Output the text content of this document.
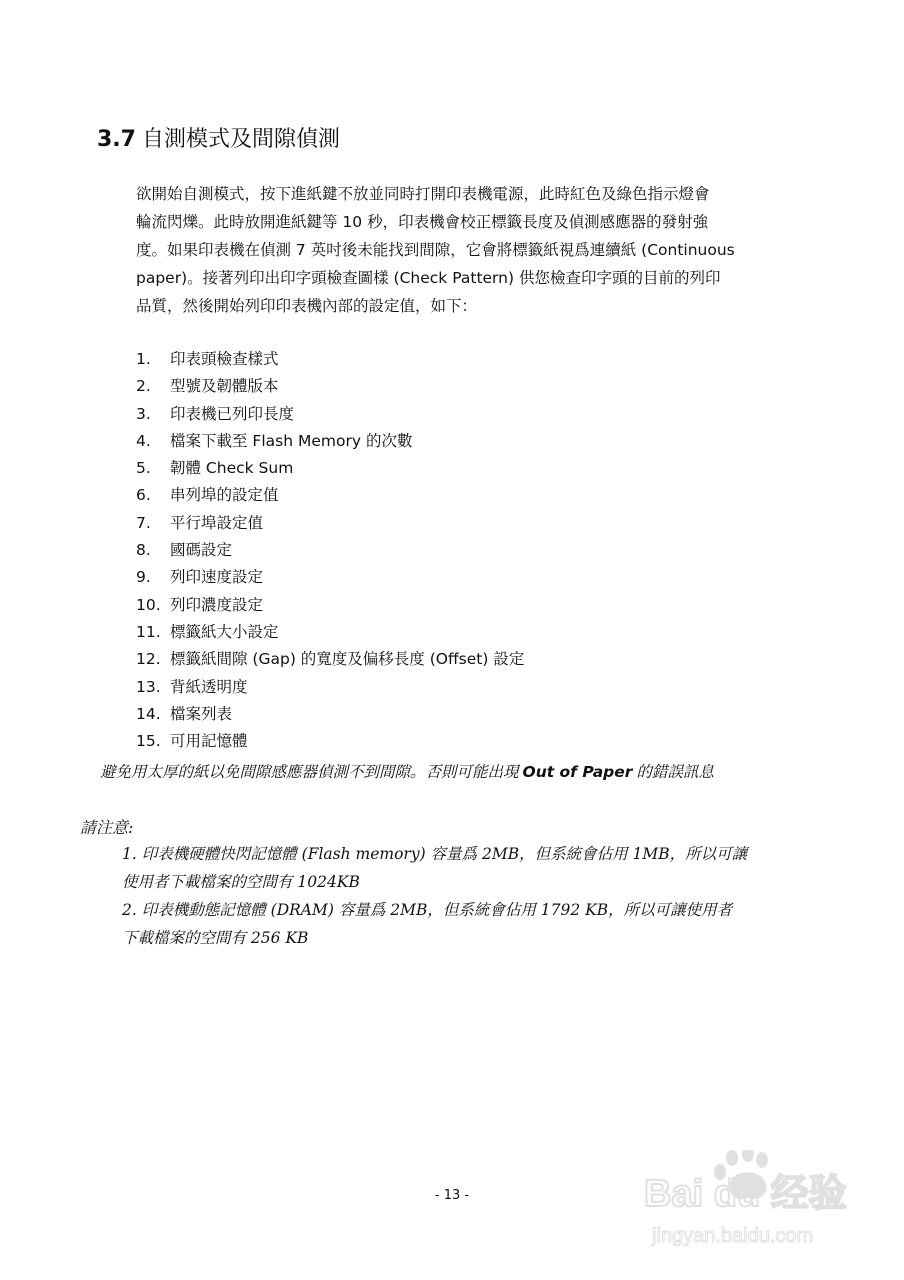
3.7 自測模式及間隙偵測
欲開始自測模式，按下進紙鍵不放並同時打開印表機電源，此時紅色及綠色指示燈會
輪流閃爍。此時放開進紙鍵等 10 秒，印表機會校正標籤長度及偵測感應器的發射強
度。如果印表機在偵測 7 英吋後未能找到間隙，它會將標籤紙視爲連續紙 (Continuous
paper)。接著列印出印字頭檢查圖樣 (Check Pattern) 供您檢查印字頭的目前的列印
品質，然後開始列印印表機內部的設定值，如下：
1. 印表頭檢查樣式
2. 型號及韌體版本
3. 印表機已列印長度
4. 檔案下載至 Flash Memory 的次數
5. 韌體 Check Sum
6. 串列埠的設定值
7. 平行埠設定值
8. 國碼設定
9. 列印速度設定
10. 列印濃度設定
11. 標籤紙大小設定
12. 標籤紙間隙 (Gap) 的寬度及偏移長度 (Offset) 設定
13. 背紙透明度
14. 檔案列表
15. 可用記憶體
避免用太厚的紙以免間隙感應器偵測不到間隙。否則可能出現 Out of Paper 的錯誤訊息
請注意:
1. 印表機硬體快閃記憶體 (Flash memory) 容量爲 2MB，但系統會佔用 1MB，所以可讓
使用者下載檔案的空間有 1024KB
2. 印表機動態記憶體 (DRAM) 容量爲 2MB，但系統會佔用 1792 KB，所以可讓使用者
下載檔案的空間有 256 KB
- 13 -	Bai du 经验
jingyan.baidu.com
